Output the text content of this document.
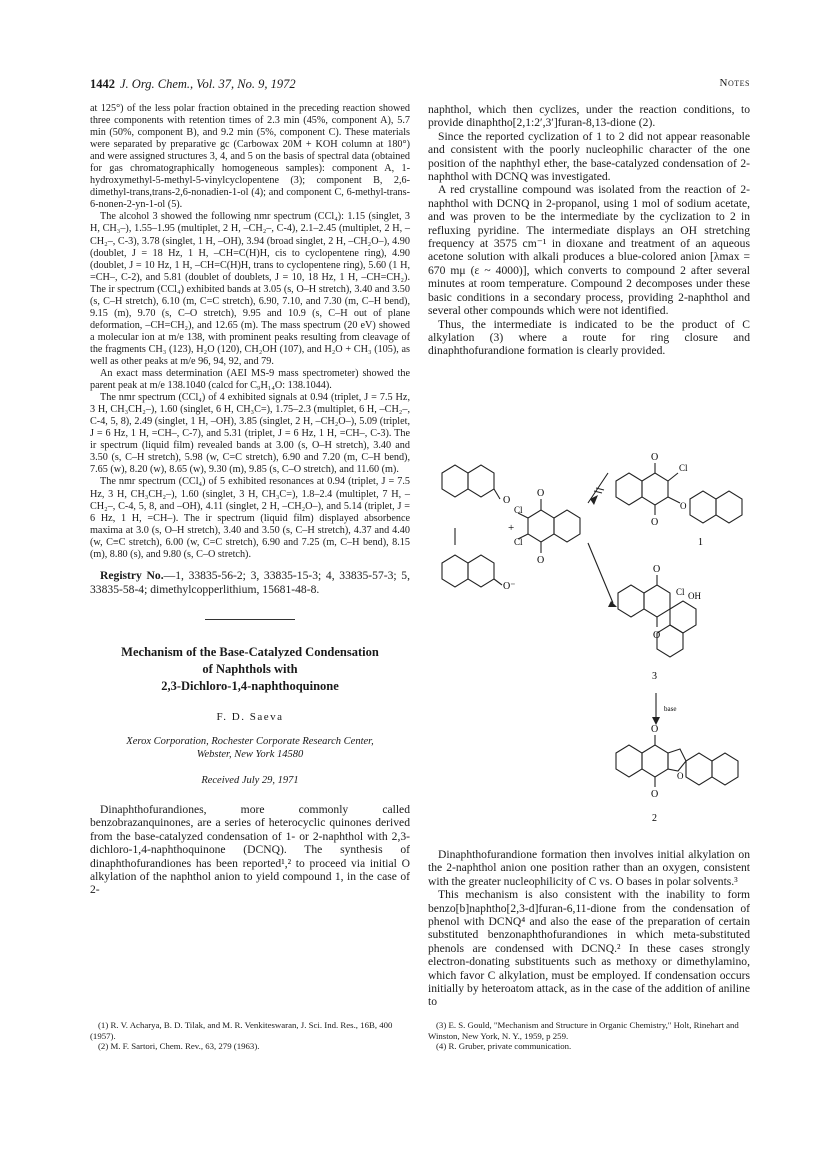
1442 J. Org. Chem., Vol. 37, No. 9, 1972	Notes

at 125°) of the less polar fraction obtained in the preceding reaction showed three components with retention times of 2.3 min (45%, component A), 5.7 min (50%, component B), and 9.2 min (5%, component C). These materials were separated by preparative gc (Carbowax 20M + KOH column at 180°) and were assigned structures 3, 4, and 5 on the basis of spectral data (obtained for gas chromatographically homogeneous samples): component A, 1-hydroxymethyl-5-methyl-5-vinylcyclopentene (3); component B, 2,6-dimethyl-trans,trans-2,6-nonadien-1-ol (4); and component C, 6-methyl-trans-6-nonen-2-yn-1-ol (5).

The alcohol 3 showed the following nmr spectrum (CCl₄): 1.15 (singlet, 3 H, CH₃–), 1.55–1.95 (multiplet, 2 H, –CH₂–, C-4), 2.1–2.45 (multiplet, 2 H, –CH₂–, C-3), 3.78 (singlet, 1 H, –OH), 3.94 (broad singlet, 2 H, –CH₂O–), 4.90 (doublet, J = 18 Hz, 1 H, –CH=C(H)H, cis to cyclopentene ring), 4.90 (doublet, J = 10 Hz, 1 H, –CH=C(H)H, trans to cyclopentene ring), 5.60 (1 H, =CH–, C-2), and 5.81 (doublet of doublets, J = 10, 18 Hz, 1 H, –CH=CH₂). The ir spectrum (CCl₄) exhibited bands at 3.05 (s, O–H stretch), 3.40 and 3.50 (s, C–H stretch), 6.10 (m, C=C stretch), 6.90, 7.10, and 7.30 (m, C–H bend), 9.15 (m), 9.70 (s, C–O stretch), 9.95 and 10.9 (s, C–H out of plane deformation, –CH=CH₂), and 12.65 (m). The mass spectrum (20 eV) showed a molecular ion at m/e 138, with prominent peaks resulting from cleavage of the fragments CH₃ (123), H₂O (120), CH₂OH (107), and H₂O + CH₃ (105), as well as other peaks at m/e 96, 94, 92, and 79.

An exact mass determination (AEI MS-9 mass spectrometer) showed the parent peak at m/e 138.1040 (calcd for C₉H₁₄O: 138.1044).

The nmr spectrum (CCl₄) of 4 exhibited signals at 0.94 (triplet, J = 7.5 Hz, 3 H, CH₃CH₂–), 1.60 (singlet, 6 H, CH₃C=), 1.75–2.3 (multiplet, 6 H, –CH₂–, C-4, 5, 8), 2.49 (singlet, 1 H, –OH), 3.85 (singlet, 2 H, –CH₂O–), 5.09 (triplet, J = 6 Hz, 1 H, =CH–, C-7), and 5.31 (triplet, J = 6 Hz, 1 H, =CH–, C-3). The ir spectrum (liquid film) revealed bands at 3.00 (s, O–H stretch), 3.40 and 3.50 (s, C–H stretch), 5.98 (w, C=C stretch), 6.90 and 7.20 (m, C–H bend), 7.65 (w), 8.20 (w), 8.65 (w), 9.30 (m), 9.85 (s, C–O stretch), and 11.60 (m).

The nmr spectrum (CCl₄) of 5 exhibited resonances at 0.94 (triplet, J = 7.5 Hz, 3 H, CH₃CH₂–), 1.60 (singlet, 3 H, CH₃C=), 1.8–2.4 (multiplet, 7 H, –CH₂–, C-4, 5, 8, and –OH), 4.11 (singlet, 2 H, –CH₂O–), and 5.14 (triplet, J = 6 Hz, 1 H, =CH–). The ir spectrum (liquid film) displayed absorbence maxima at 3.0 (s, O–H stretch), 3.40 and 3.50 (s, C–H stretch), 4.37 and 4.40 (w, C≡C stretch), 6.00 (w, C=C stretch), 6.90 and 7.25 (m, C–H bend), 8.15 (m), 8.80 (s), and 9.80 (s, C–O stretch).

Registry No.—1, 33835-56-2; 3, 33835-15-3; 4, 33835-57-3; 5, 33835-58-4; dimethylcopperlithium, 15681-48-8.

Mechanism of the Base-Catalyzed Condensation

of Naphthols with

2,3-Dichloro-1,4-naphthoquinone

F. D. Saeva

Xerox Corporation, Rochester Corporate Research Center,

Webster, New York 14580

Received July 29, 1971

Dinaphthofurandiones, more commonly called benzobrazanquinones, are a series of heterocyclic quinones derived from the base-catalyzed condensation of 1- or 2-naphthol with 2,3-dichloro-1,4-naphthoquinone (DCNQ). The synthesis of dinaphthofurandiones has been reported¹,² to proceed via initial O alkylation of the naphthol anion to yield compound 1, in the case of 2-

naphthol, which then cyclizes, under the reaction conditions, to provide dinaphtho[2,1:2′,3′]furan-8,13-dione (2).

Since the reported cyclization of 1 to 2 did not appear reasonable and consistent with the poorly nucleophilic character of the one position of the naphthyl ether, the base-catalyzed condensation of 2-naphthol with DCNQ was investigated.

A red crystalline compound was isolated from the reaction of 2-naphthol with DCNQ in 2-propanol, using 1 mol of sodium acetate, and was proven to be the intermediate by the cyclization to 2 in refluxing pyridine. The intermediate displays an OH stretching frequency at 3575 cm⁻¹ in dioxane and treatment of an aqueous acetone solution with alkali produces a blue-colored anion [λmax = 670 mμ (ε ~ 4000)], which converts to compound 2 after several minutes at room temperature. Compound 2 decomposes under these basic conditions in a secondary process, providing 2-naphthol and several other compounds which were not identified.

Thus, the intermediate is indicated to be the product of C alkylation (3) where a route for ring closure and dinaphthofurandione formation is clearly provided.

O
O⁻
+
O
O
Cl
Cl
O
O
Cl
O
1
O
O
Cl OH
3
base
O
O
O
2

Dinaphthofurandione formation then involves initial alkylation on the 2-naphthol anion one position rather than an oxygen, consistent with the greater nucleophilicity of C vs. O bases in polar solvents.³

This mechanism is also consistent with the inability to form benzo[b]naphtho[2,3-d]furan-6,11-dione from the condensation of phenol with DCNQ⁴ and also the ease of the preparation of certain substituted benzonaphthofurandiones in which meta-substituted phenols are condensed with DCNQ.² In these cases strongly electron-donating substituents such as methoxy or dimethylamino, which favor C alkylation, must be employed. If condensation occurs initially by heteroatom attack, as in the case of the addition of aniline to

(1) R. V. Acharya, B. D. Tilak, and M. R. Venkiteswaran, J. Sci. Ind. Res., 16B, 400 (1957).

(2) M. F. Sartori, Chem. Rev., 63, 279 (1963).

(3) E. S. Gould, "Mechanism and Structure in Organic Chemistry," Holt, Rinehart and Winston, New York, N. Y., 1959, p 259.

(4) R. Gruber, private communication.
